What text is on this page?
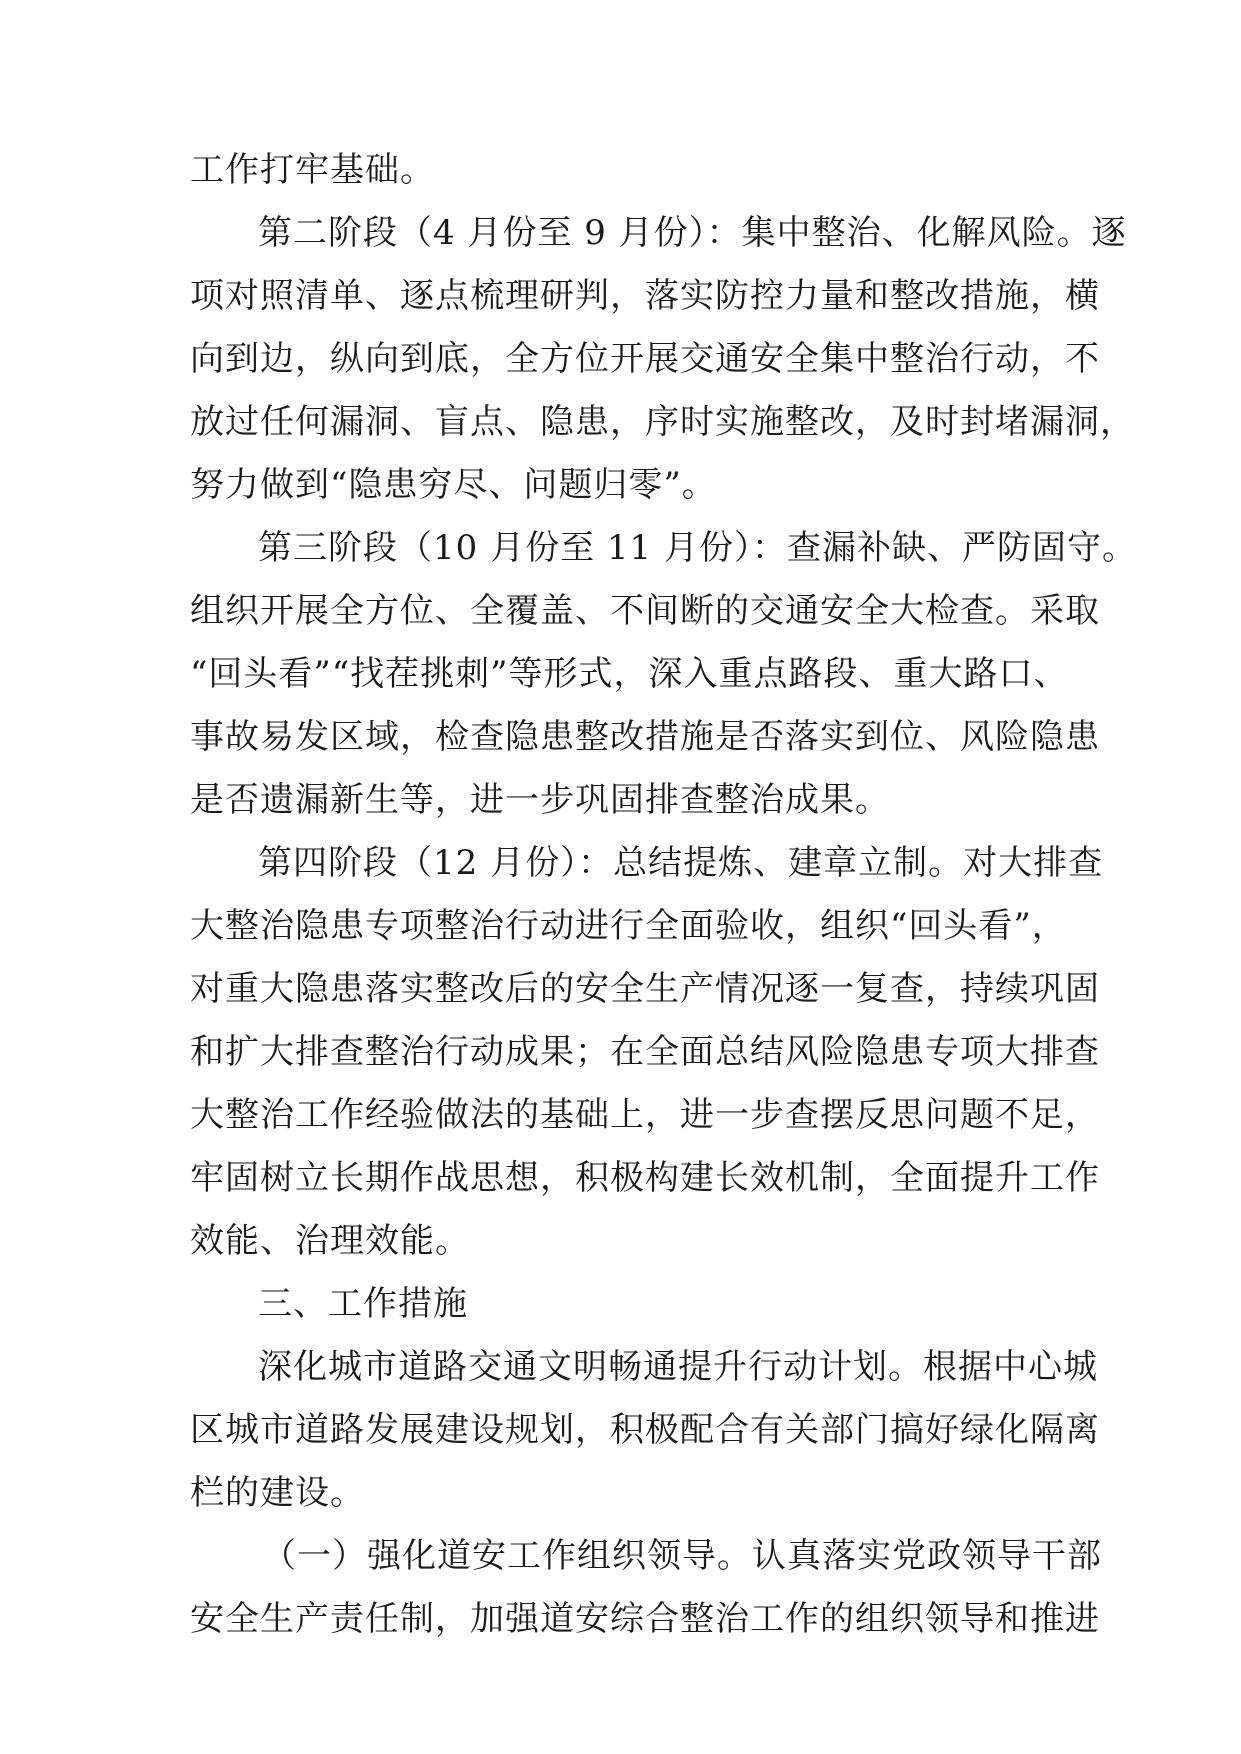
工作打牢基础。
第二阶段（4 月份至 9 月份）：集中整治、化解风险。逐
项对照清单、逐点梳理研判，落实防控力量和整改措施，横
向到边，纵向到底，全方位开展交通安全集中整治行动，不
放过任何漏洞、盲点、隐患，序时实施整改，及时封堵漏洞，
努力做到“隐患穷尽、问题归零”。
第三阶段（10 月份至 11 月份）：查漏补缺、严防固守。
组织开展全方位、全覆盖、不间断的交通安全大检查。采取
“回头看”“找茬挑刺”等形式，深入重点路段、重大路口、
事故易发区域，检查隐患整改措施是否落实到位、风险隐患
是否遗漏新生等，进一步巩固排查整治成果。
第四阶段（12 月份）：总结提炼、建章立制。对大排查
大整治隐患专项整治行动进行全面验收，组织“回头看”，
对重大隐患落实整改后的安全生产情况逐一复查，持续巩固
和扩大排查整治行动成果；在全面总结风险隐患专项大排查
大整治工作经验做法的基础上，进一步查摆反思问题不足，
牢固树立长期作战思想，积极构建长效机制，全面提升工作
效能、治理效能。
三、工作措施
深化城市道路交通文明畅通提升行动计划。根据中心城
区城市道路发展建设规划，积极配合有关部门搞好绿化隔离
栏的建设。
（一）强化道安工作组织领导。认真落实党政领导干部
安全生产责任制，加强道安综合整治工作的组织领导和推进
